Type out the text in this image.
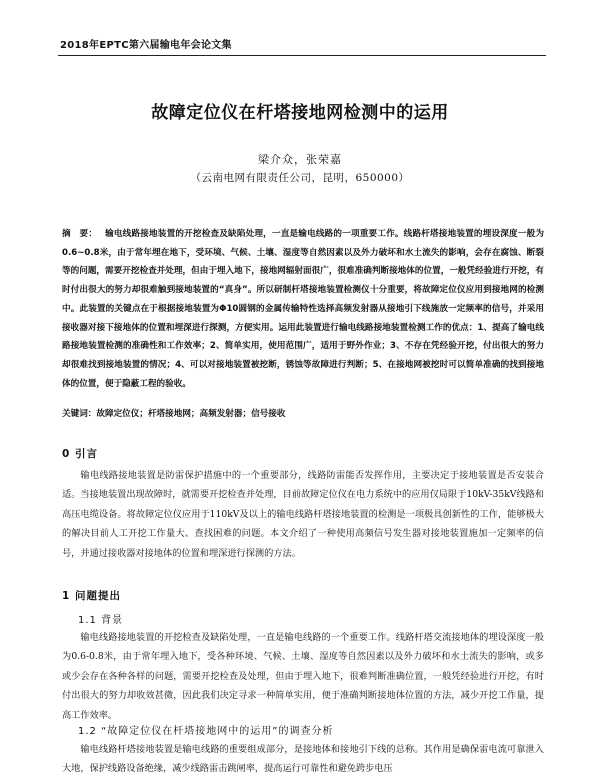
2018年EPTC第六届输电年会论文集
故障定位仪在杆塔接地网检测中的运用
梁介众，张荣嘉
（云南电网有限责任公司，昆明，650000）
摘　要： 输电线路接地装置的开挖检查及缺陷处理，一直是输电线路的一项重要工作。线路杆塔接地装置的埋设深度一般为0.6~0.8米，由于常年埋在地下，受环境、气候、土壤、湿度等自然因素以及外力破坏和水土流失的影响，会存在腐蚀、断裂等的问题，需要开挖检查并处理，但由于埋入地下，接地网辐射面很广，很难准确判断接地体的位置，一般凭经验进行开挖，有时付出很大的努力却很难触到接地装置的“真身”。所以研制杆塔接地装置检测仪十分重要，将故障定位仪应用到接地网的检测中。此装置的关键点在于根据接地装置为Φ10圆钢的金属传输特性选择高频发射器从接地引下线施放一定频率的信号，并采用接收器对接下接地体的位置和埋深进行探测，方便实用。运用此装置进行输电线路接地装置检测工作的优点：1、提高了输电线路接地装置检测的准确性和工作效率；2、简单实用，使用范围广，适用于野外作业；3、不存在凭经验开挖，付出很大的努力却很难找到接地装置的情况；4、可以对接地装置被挖断，锈蚀等故障进行判断；5、在接地网被挖时可以简单准确的找到接地体的位置，便于隐蔽工程的验收。
关键词：故障定位仪；杆塔接地网；高频发射器；信号接收
0 引言
输电线路接地装置是防雷保护措施中的一个重要部分，线路防雷能否发挥作用，主要决定于接地装置是否安装合适。当接地装置出现故障时，就需要开挖检查并处理，目前故障定位仪在电力系统中的应用仅局限于10kV-35kV线路和高压电缆设备。将故障定位仪应用于110kV及以上的输电线路杆塔接地装置的检测是一项极具创新性的工作，能够极大的解决目前人工开挖工作量大、查找困难的问题。本文介绍了一种使用高频信号发生器对接地装置施加一定频率的信号，并通过接收器对接地体的位置和埋深进行探测的方法。
1 问题提出
1.1 背景
输电线路接地装置的开挖检查及缺陷处理，一直是输电线路的一个重要工作。线路杆塔交流接地体的埋设深度一般为0.6-0.8米，由于常年埋入地下，受各种环境、气候、土壤、湿度等自然因素以及外力破坏和水土流失的影响，或多或少会存在各种各样的问题，需要开挖检查及处理，但由于埋入地下，很难判断准确位置，一般凭经验进行开挖，有时付出很大的努力却收效甚微，因此我们决定寻求一种简单实用，便于准确判断接地体位置的方法，减少开挖工作量，提高工作效率。
1.2 “故障定位仪在杆塔接地网中的运用”的调查分析
输电线路杆塔接地装置是输电线路的重要组成部分，是接地体和接地引下线的总称。其作用是确保雷电流可靠泄入大地，保护线路设备绝缘，减少线路雷击跳闸率，提高运行可靠性和避免跨步电压
